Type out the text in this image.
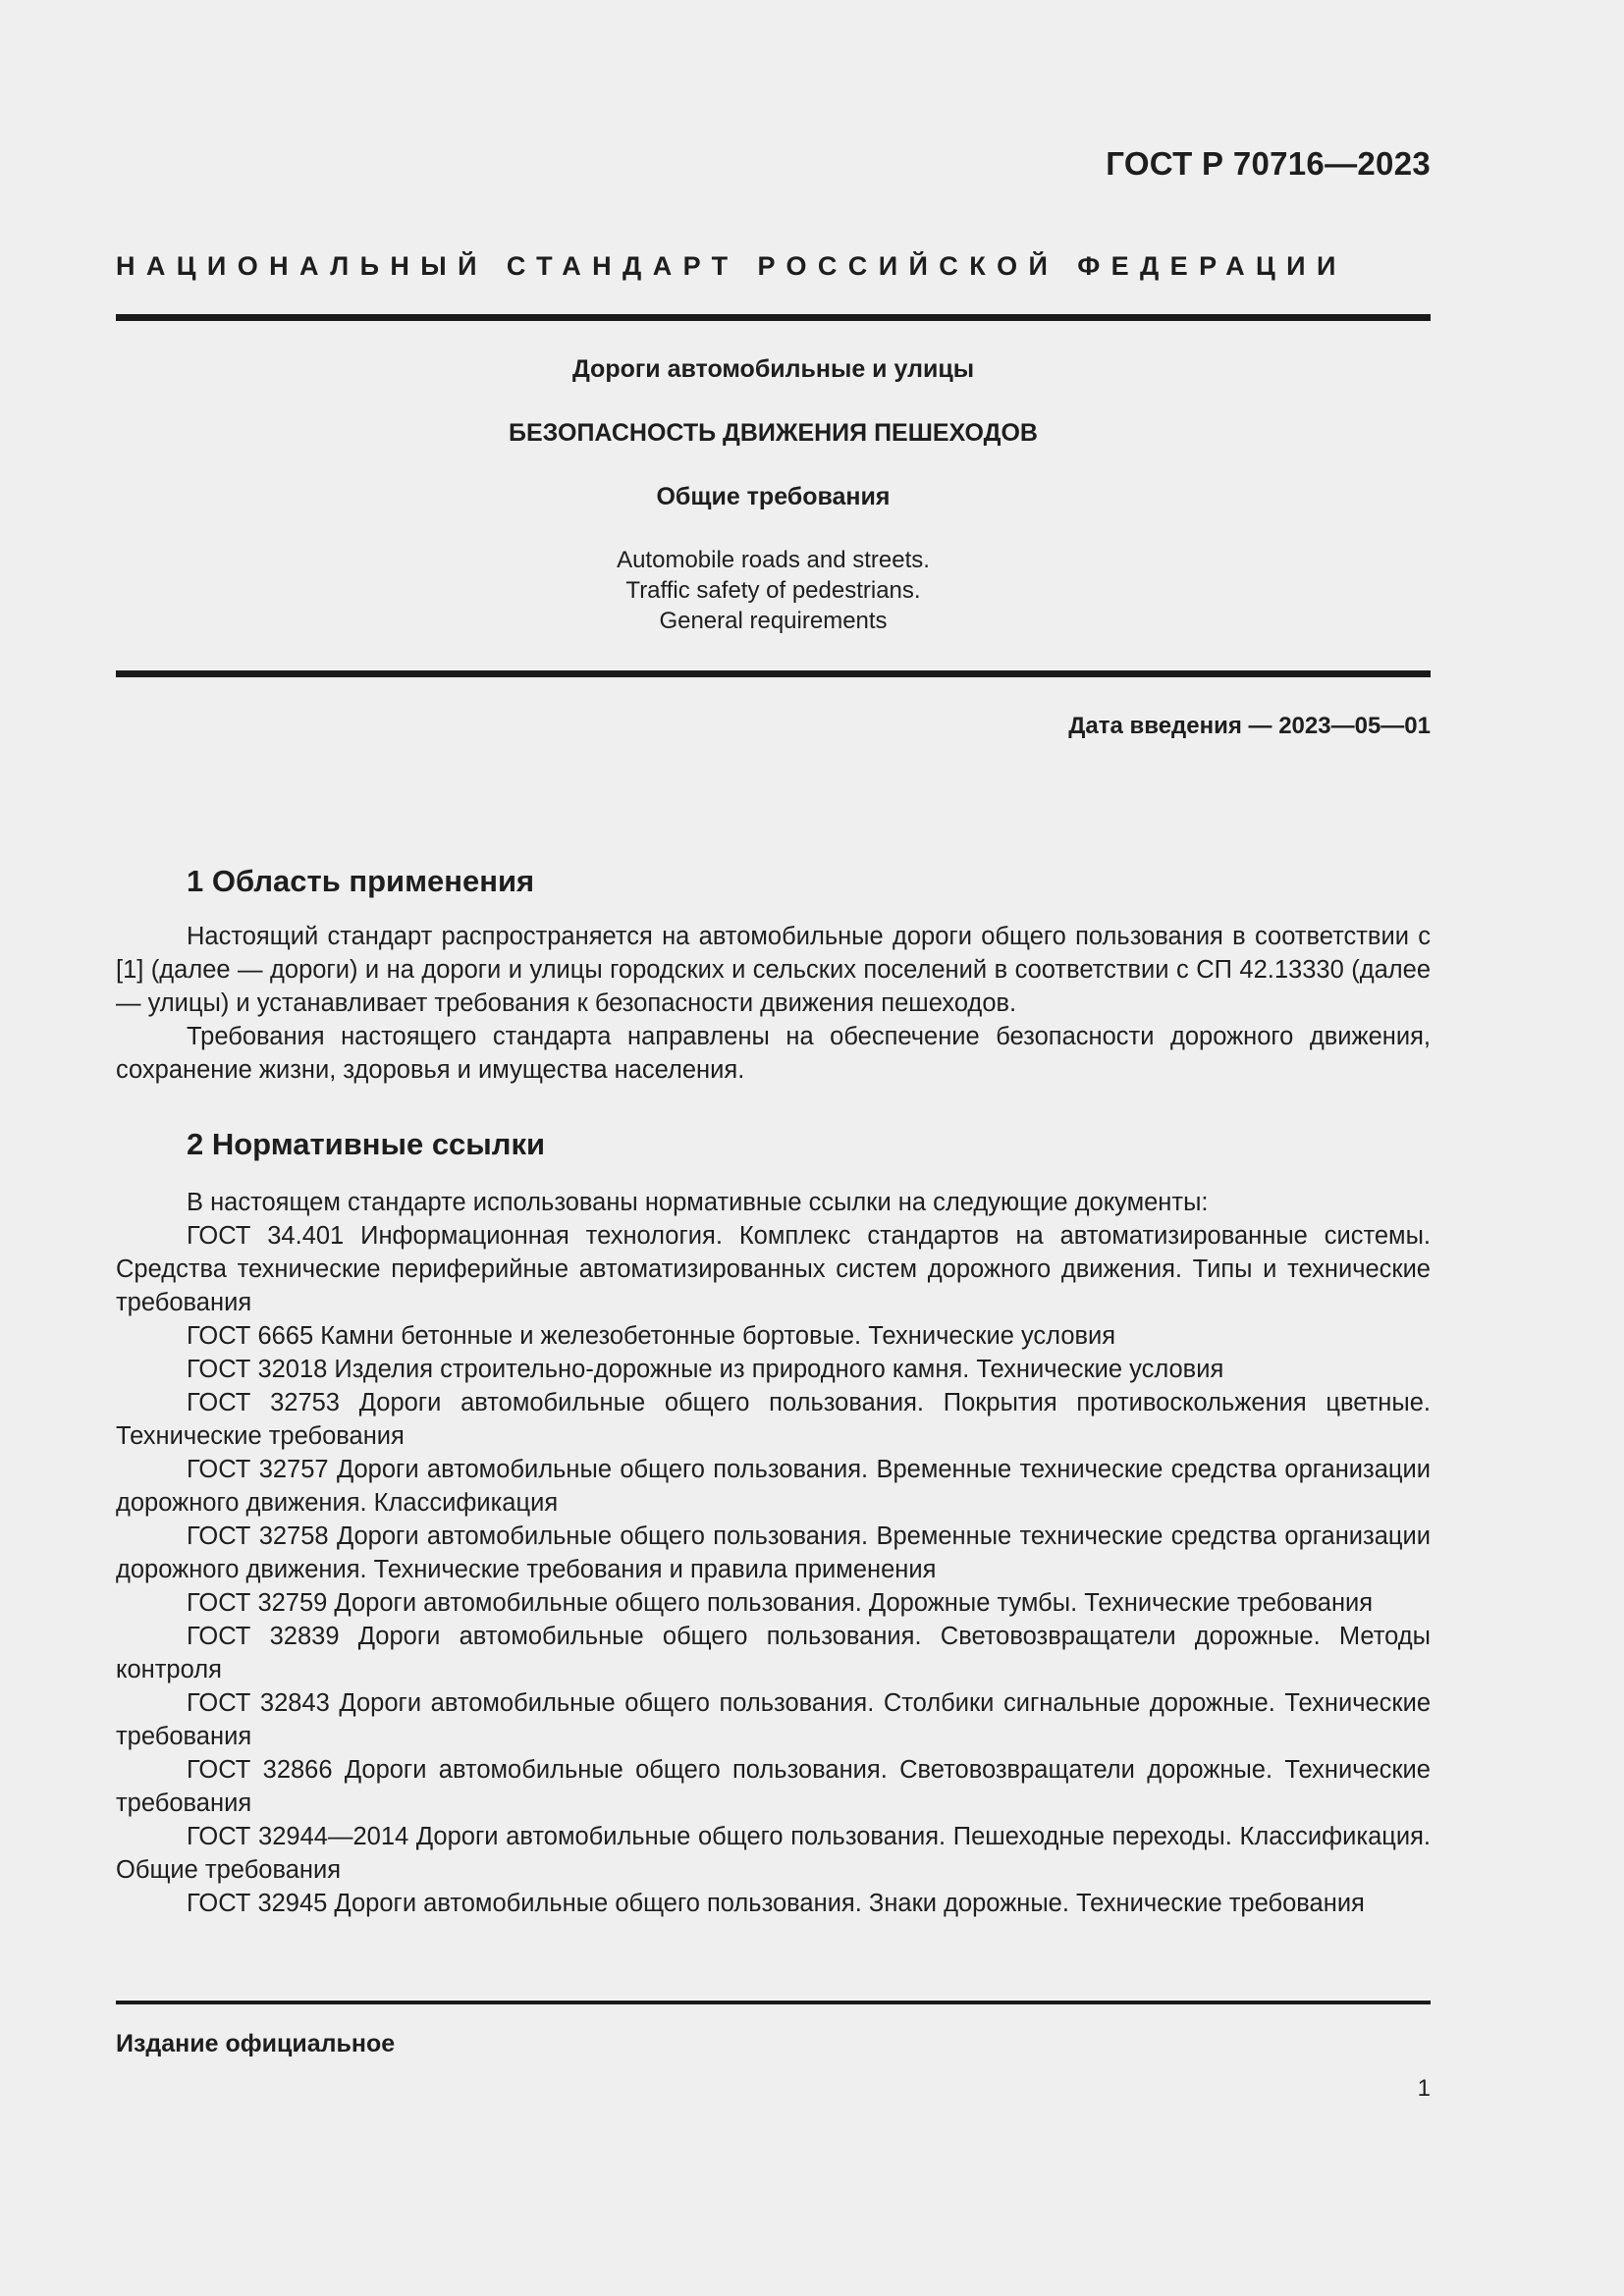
ГОСТ Р 70716—2023
НАЦИОНАЛЬНЫЙ СТАНДАРТ РОССИЙСКОЙ ФЕДЕРАЦИИ
Дороги автомобильные и улицы
БЕЗОПАСНОСТЬ ДВИЖЕНИЯ ПЕШЕХОДОВ
Общие требования
Automobile roads and streets.
Traffic safety of pedestrians.
General requirements
Дата введения — 2023—05—01
1 Область применения

Настоящий стандарт распространяется на автомобильные дороги общего пользования в соответствии с [1] (далее — дороги) и на дороги и улицы городских и сельских поселений в соответствии с СП 42.13330 (далее — улицы) и устанавливает требования к безопасности движения пешеходов.

Требования настоящего стандарта направлены на обеспечение безопасности дорожного движения, сохранение жизни, здоровья и имущества населения.

2 Нормативные ссылки

В настоящем стандарте использованы нормативные ссылки на следующие документы:

ГОСТ 34.401 Информационная технология. Комплекс стандартов на автоматизированные системы. Средства технические периферийные автоматизированных систем дорожного движения. Типы и технические требования

ГОСТ 6665 Камни бетонные и железобетонные бортовые. Технические условия

ГОСТ 32018 Изделия строительно-дорожные из природного камня. Технические условия

ГОСТ 32753 Дороги автомобильные общего пользования. Покрытия противоскольжения цветные. Технические требования

ГОСТ 32757 Дороги автомобильные общего пользования. Временные технические средства организации дорожного движения. Классификация

ГОСТ 32758 Дороги автомобильные общего пользования. Временные технические средства организации дорожного движения. Технические требования и правила применения

ГОСТ 32759 Дороги автомобильные общего пользования. Дорожные тумбы. Технические требования

ГОСТ 32839 Дороги автомобильные общего пользования. Световозвращатели дорожные. Методы контроля

ГОСТ 32843 Дороги автомобильные общего пользования. Столбики сигнальные дорожные. Технические требования

ГОСТ 32866 Дороги автомобильные общего пользования. Световозвращатели дорожные. Технические требования

ГОСТ 32944—2014 Дороги автомобильные общего пользования. Пешеходные переходы. Классификация. Общие требования

ГОСТ 32945 Дороги автомобильные общего пользования. Знаки дорожные. Технические требования

Издание официальное
1
